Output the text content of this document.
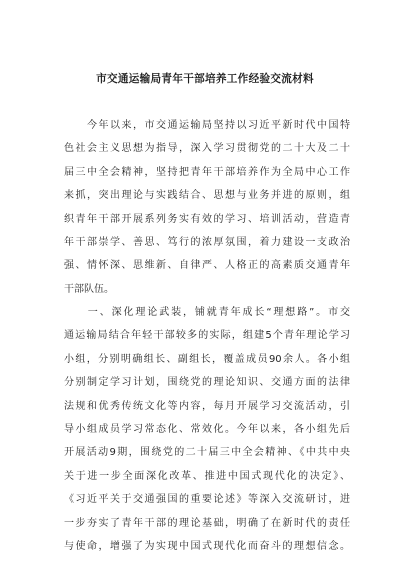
市交通运输局青年干部培养工作经验交流材料
　　今年以来，市交通运输局坚持以习近平新时代中国特
色社会主义思想为指导，深入学习贯彻党的二十大及二十
届三中全会精神，坚持把青年干部培养作为全局中心工作
来抓，突出理论与实践结合、思想与业务并进的原则，组
织青年干部开展系列务实有效的学习、培训活动，营造青
年干部崇学、善思、笃行的浓厚氛围，着力建设一支政治
强、情怀深、思维新、自律严、人格正的高素质交通青年
干部队伍。
　　一、深化理论武装，铺就青年成长“理想路”。市交
通运输局结合年轻干部较多的实际，组建5个青年理论学习
小组，分别明确组长、副组长，覆盖成员90余人。各小组
分别制定学习计划，围绕党的理论知识、交通方面的法律
法规和优秀传统文化等内容，每月开展学习交流活动，引
导小组成员学习常态化、常效化。今年以来，各小组先后
开展活动9期，围绕党的二十届三中全会精神、《中共中央
关于进一步全面深化改革、推进中国式现代化的决定》、
《习近平关于交通强国的重要论述》等深入交流研讨，进
一步夯实了青年干部的理论基础，明确了在新时代的责任
与使命，增强了为实现中国式现代化而奋斗的理想信念。
